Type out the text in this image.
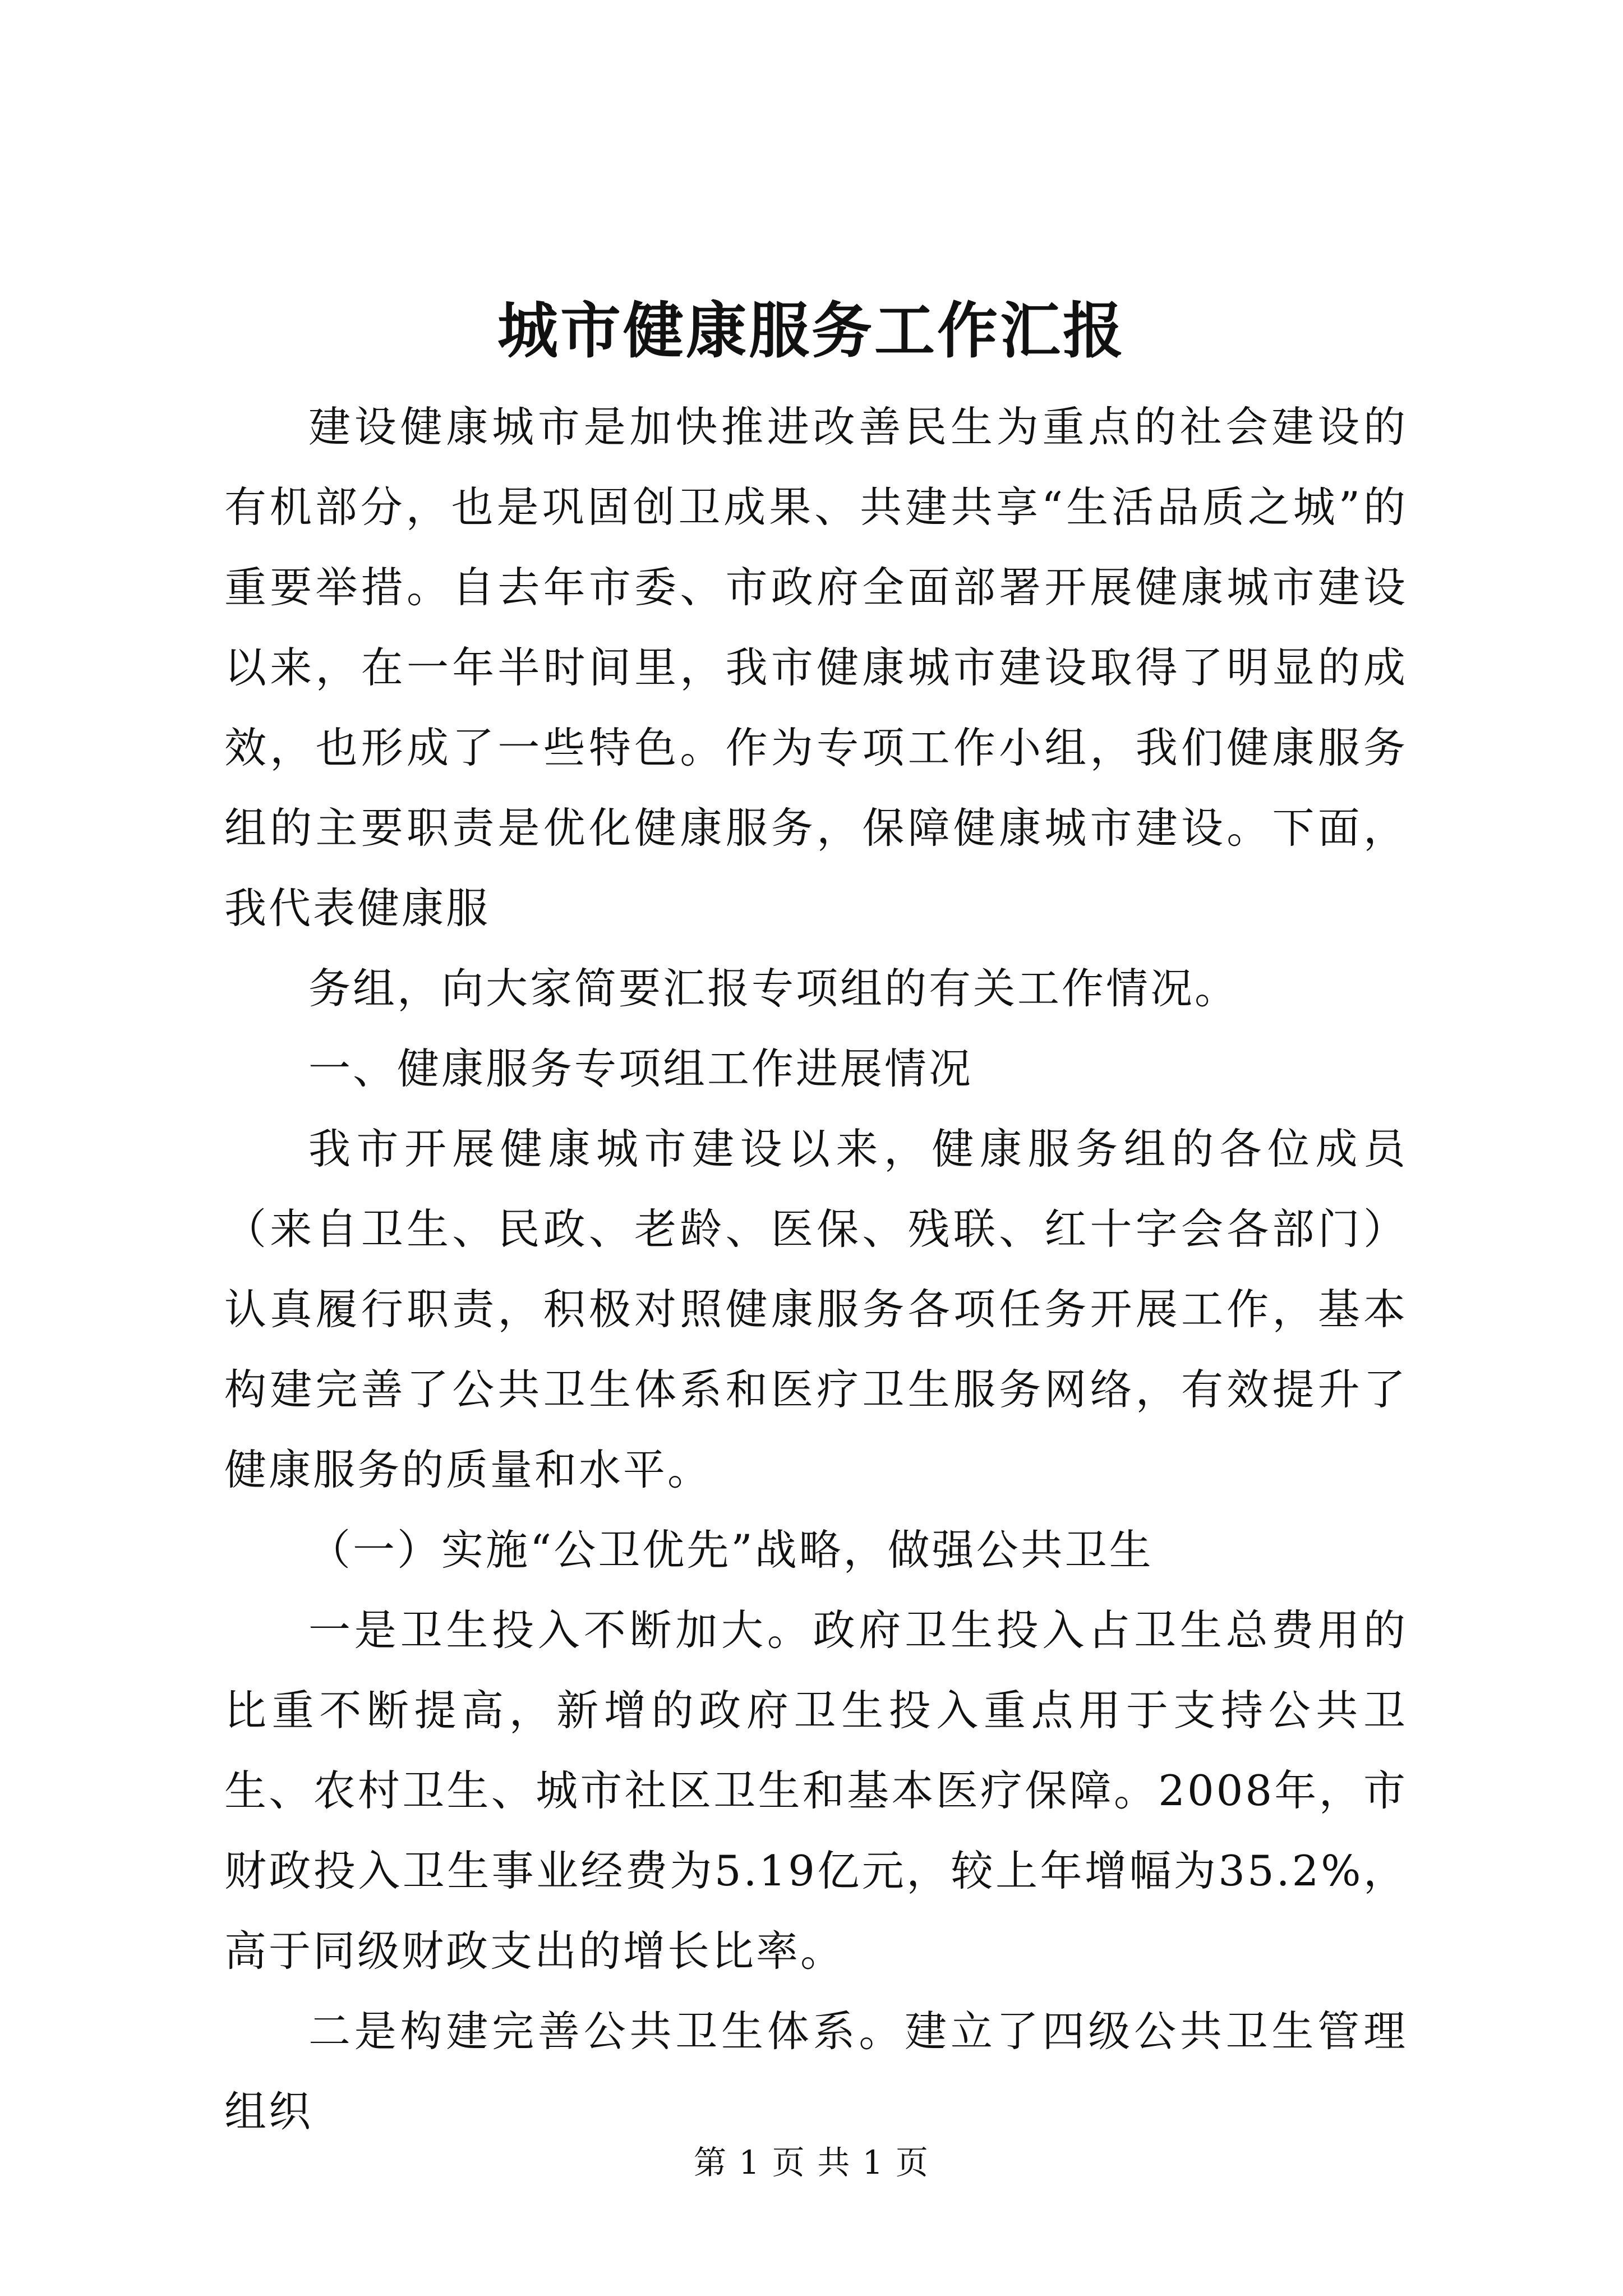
城市健康服务工作汇报

建设健康城市是加快推进改善民生为重点的社会建设的有机部分，也是巩固创卫成果、共建共享“生活品质之城”的重要举措。自去年市委、市政府全面部署开展健康城市建设以来，在一年半时间里，我市健康城市建设取得了明显的成效，也形成了一些特色。作为专项工作小组，我们健康服务组的主要职责是优化健康服务，保障健康城市建设。下面，我代表健康服

务组，向大家简要汇报专项组的有关工作情况。

一、健康服务专项组工作进展情况

我市开展健康城市建设以来，健康服务组的各位成员（来自卫生、民政、老龄、医保、残联、红十字会各部门）认真履行职责，积极对照健康服务各项任务开展工作，基本构建完善了公共卫生体系和医疗卫生服务网络，有效提升了健康服务的质量和水平。

（一）实施“公卫优先”战略，做强公共卫生

一是卫生投入不断加大。政府卫生投入占卫生总费用的比重不断提高，新增的政府卫生投入重点用于支持公共卫生、农村卫生、城市社区卫生和基本医疗保障。2008年，市财政投入卫生事业经费为5.19亿元，较上年增幅为35.2%，高于同级财政支出的增长比率。

二是构建完善公共卫生体系。建立了四级公共卫生管理组织

第 1 页 共 1 页
